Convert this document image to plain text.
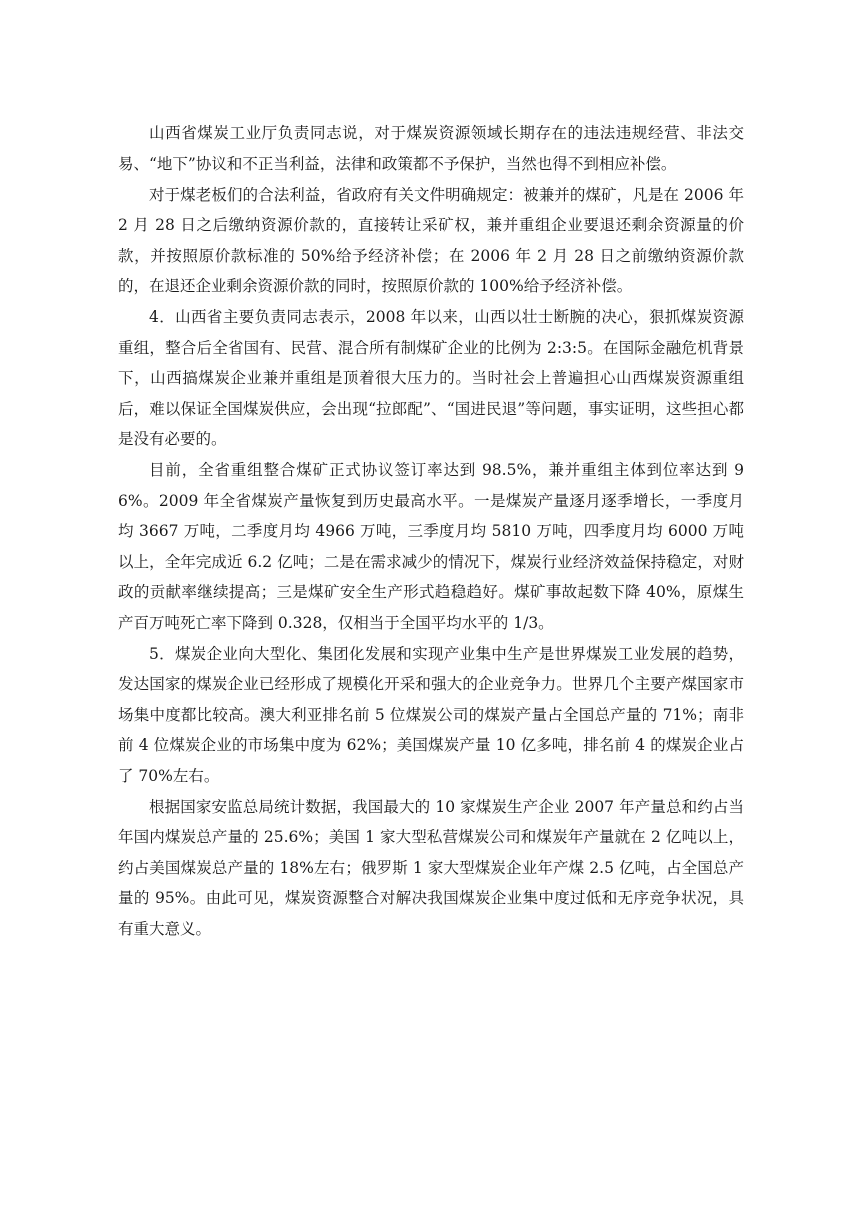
山西省煤炭工业厅负责同志说，对于煤炭资源领域长期存在的违法违规经营、非法交易、“地下”协议和不正当利益，法律和政策都不予保护，当然也得不到相应补偿。

对于煤老板们的合法利益，省政府有关文件明确规定：被兼并的煤矿，凡是在 2006 年 2 月 28 日之后缴纳资源价款的，直接转让采矿权，兼并重组企业要退还剩余资源量的价款，并按照原价款标准的 50%给予经济补偿；在 2006 年 2 月 28 日之前缴纳资源价款的，在退还企业剩余资源价款的同时，按照原价款的 100%给予经济补偿。

4．山西省主要负责同志表示，2008 年以来，山西以壮士断腕的决心，狠抓煤炭资源重组，整合后全省国有、民营、混合所有制煤矿企业的比例为 2:3:5。在国际金融危机背景下，山西搞煤炭企业兼并重组是顶着很大压力的。当时社会上普遍担心山西煤炭资源重组后，难以保证全国煤炭供应，会出现“拉郎配”、“国进民退”等问题，事实证明，这些担心都是没有必要的。

目前，全省重组整合煤矿正式协议签订率达到 98.5%，兼并重组主体到位率达到 96%。2009 年全省煤炭产量恢复到历史最高水平。一是煤炭产量逐月逐季增长，一季度月均 3667 万吨，二季度月均 4966 万吨，三季度月均 5810 万吨，四季度月均 6000 万吨以上，全年完成近 6.2 亿吨；二是在需求减少的情况下，煤炭行业经济效益保持稳定，对财政的贡献率继续提高；三是煤矿安全生产形式趋稳趋好。煤矿事故起数下降 40%，原煤生产百万吨死亡率下降到 0.328，仅相当于全国平均水平的 1/3。

5．煤炭企业向大型化、集团化发展和实现产业集中生产是世界煤炭工业发展的趋势，发达国家的煤炭企业已经形成了规模化开采和强大的企业竞争力。世界几个主要产煤国家市场集中度都比较高。澳大利亚排名前 5 位煤炭公司的煤炭产量占全国总产量的 71%；南非前 4 位煤炭企业的市场集中度为 62%；美国煤炭产量 10 亿多吨，排名前 4 的煤炭企业占了 70%左右。

根据国家安监总局统计数据，我国最大的 10 家煤炭生产企业 2007 年产量总和约占当年国内煤炭总产量的 25.6%；美国 1 家大型私营煤炭公司和煤炭年产量就在 2 亿吨以上，约占美国煤炭总产量的 18%左右；俄罗斯 1 家大型煤炭企业年产煤 2.5 亿吨，占全国总产量的 95%。由此可见，煤炭资源整合对解决我国煤炭企业集中度过低和无序竞争状况，具有重大意义。
